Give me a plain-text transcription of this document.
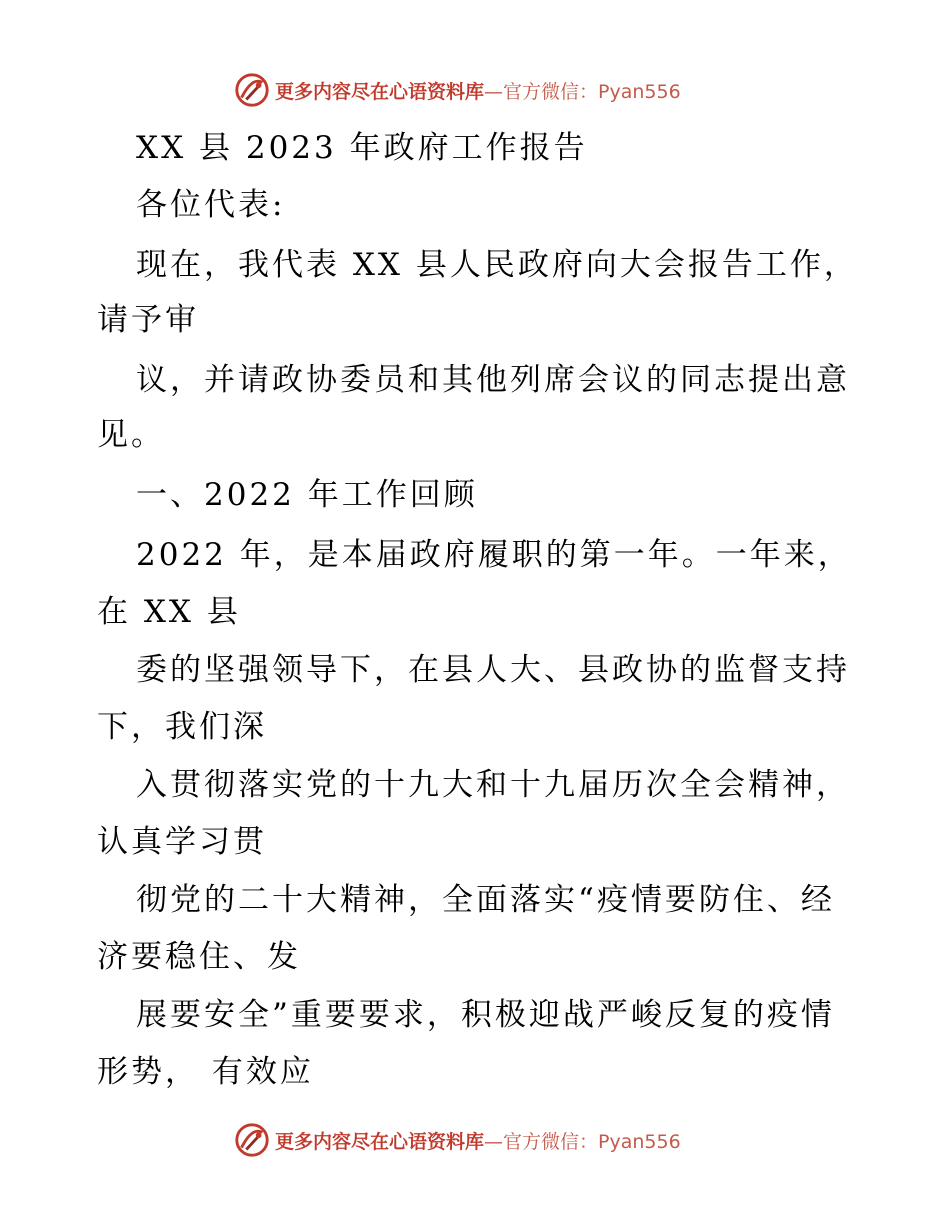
更多内容尽在心语资料库 —官方微信：Pyan556
XX 县 2023 年政府工作报告
各位代表:
现在，我代表 XX 县人民政府向大会报告工作，
请予审
议，并请政协委员和其他列席会议的同志提出意
见。
一、2022 年工作回顾
2022 年，是本届政府履职的第一年。一年来，
在 XX 县
委的坚强领导下，在县人大、县政协的监督支持
下，我们深
入贯彻落实党的十九大和十九届历次全会精神，
认真学习贯
彻党的二十大精神，全面落实“疫情要防住、经
济要稳住、发
展要安全”重要要求，积极迎战严峻反复的疫情
形势， 有效应
更多内容尽在心语资料库 —官方微信：Pyan556
